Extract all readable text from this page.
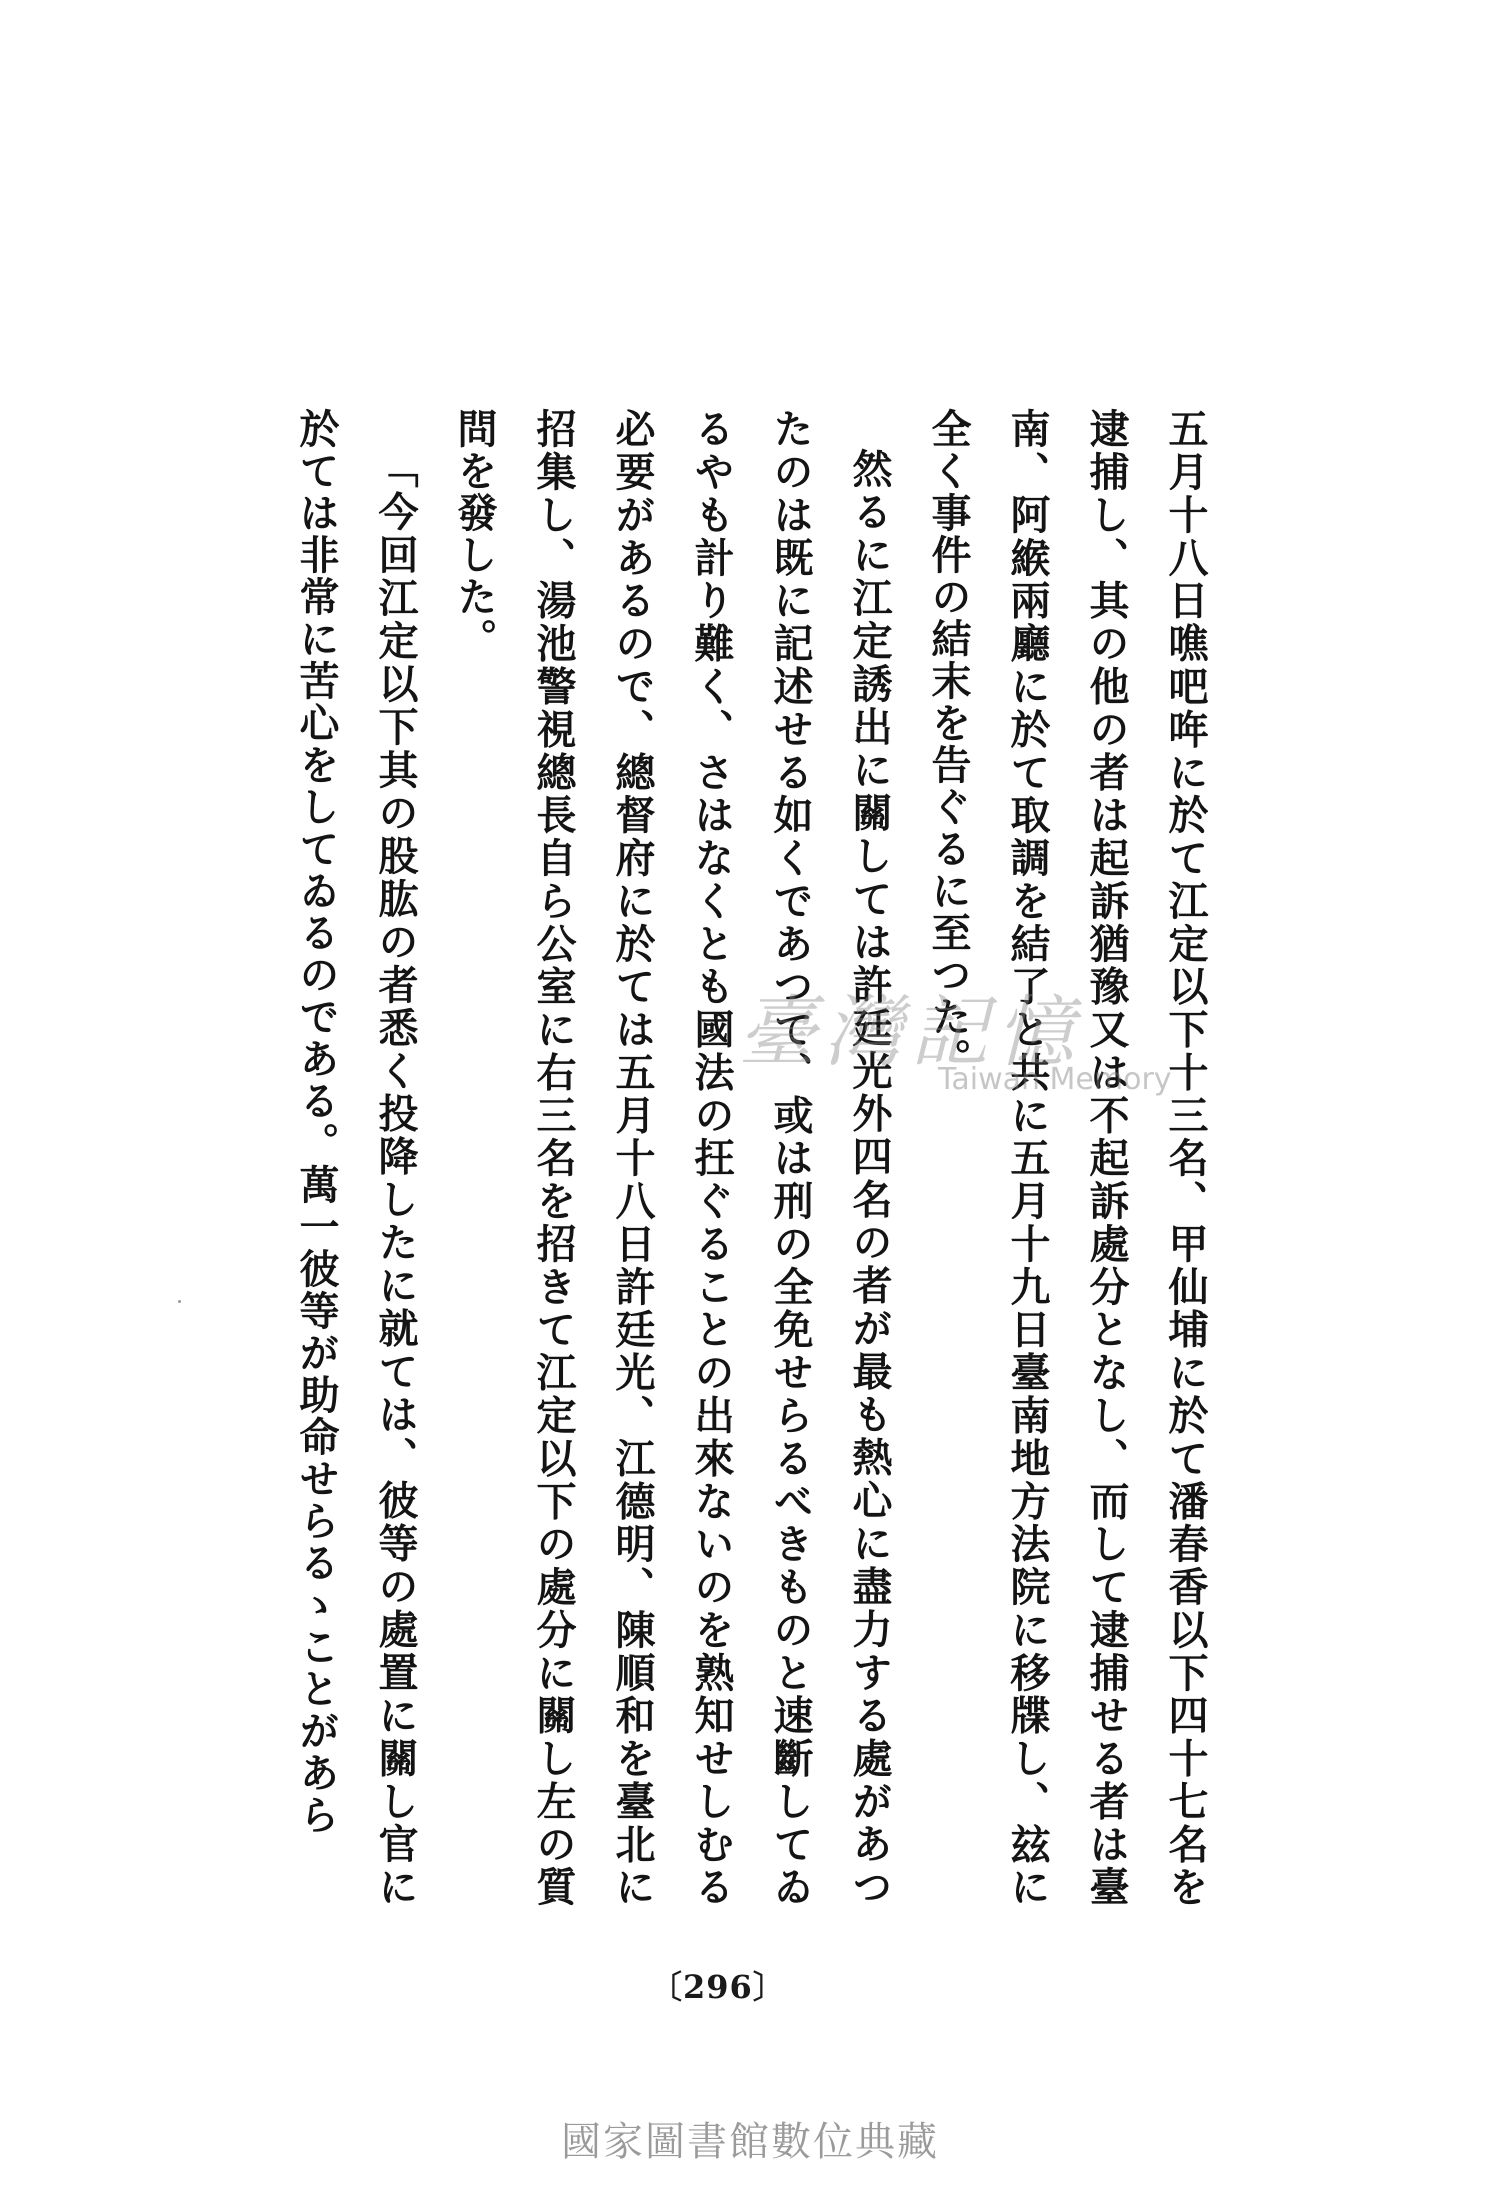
五月十八日噍吧哖に於て江定以下十三名、甲仙埔に於て潘春香以下四十七名を逮捕し、其の他の者は起訴猶豫又は不起訴處分となし、而して逮捕せる者は臺南、阿緱兩廳に於て取調を結了と共に五月十九日臺南地方法院に移牒し、玆に全く事件の結末を告ぐるに至つた。

然るに江定誘出に關しては許廷光外四名の者が最も熱心に盡力する處があつたのは既に記述せる如くであつて、或は刑の全免せらるべきものと速斷してゐるやも計り難く、さはなくとも國法の抂ぐることの出來ないのを熟知せしむる必要があるので、總督府に於ては五月十八日許廷光、江德明、陳順和を臺北に招集し、湯池警視總長自ら公室に右三名を招きて江定以下の處分に關し左の質問を發した。

「今回江定以下其の股肱の者悉く投降したに就ては、彼等の處置に關し官に於ては非常に苦心をしてゐるのである。萬一彼等が助命せらるゝことがあら	臺灣記憶
Taiwan Memory
〔296〕
國家圖書館數位典藏
